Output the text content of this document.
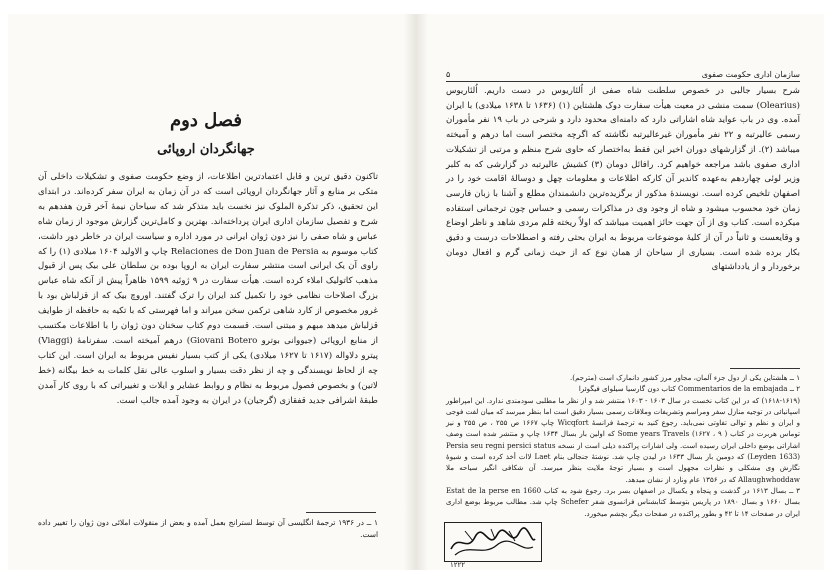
فصل دوم
جهانگردان اروپائی
تاکنون دقیق ترین و قابل اعتمادترین اطلاعات، از وضع حکومت صفوی و تشکیلات داخلی آن متکی بر منابع و آثار جهانگردان اروپائی است که در آن زمان به ایران سفر کرده‌اند. در ابتدای این تحقیق، ذکر تذکرة الملوک نیز نخست باید متذکر شد که سیاحان نیمهٔ آخر قرن هفدهم به شرح و تفصیل سازمان اداری ایران پرداخته‌اند. بهترین و کامل‌ترین گزارش موجود از زمان شاه عباس و شاه صفی را نیز دون ژوان ایرانی در مورد اداره و سیاست ایران در خاطر دور داشت، کتاب موسوم به Relaciones de Don Juan de Persia چاپ و الاولید ۱۶۰۴ میلادی (۱) را که راوی آن یک ایرانی است منتشر سفارت ایران به اروپا بوده بن سلطان علی بیک پس از قبول مذهب کاتولیک املاء کرده است. هیأت سفارت در ۹ ژوئیه ۱۵۹۹ ظاهراً پیش از آنکه شاه عباس بزرگ اصلاحات نظامی خود را تکمیل کند ایران را ترک گفتند. اوروچ بیک که از قزلباش بود با غرور مخصوص از کارد شاهی ترکمن سخن میراند و اما فهرستی که با تکیه به حافظه از طوایف قزلباش میدهد مبهم و مبتنی است. قسمت دوم کتاب سخنان دون ژوان را با اطلاعات مکتسب از منابع اروپائی (جیووانی بوترو Giovani Botero) درهم آمیخته است. سفرنامهٔ (Viaggi) پیترو دلاواله (۱۶۱۷ تا ۱۶۲۷ میلادی) یکی از کتب بسیار نفیس مربوط به ایران است. این کتاب چه از لحاظ نویسندگی و چه از نظر دقت بسیار و اسلوب عالی نقل کلمات به خط بیگانه (خط لاتین) و بخصوص فصول مربوط به نظام و روابط عشایر و ایلات و تغییراتی که با روی کار آمدن طبقهٔ اشرافی جدید قفقازی (گرجیان) در ایران به وجود آمده جالب است.
۱ ــ در ۱۹۳۶ ترجمهٔ انگلیسی آن توسط لسترانج بعمل آمده و بعض از منقولات املائی دون ژوان را تغییر داده است.
۵	سازمان اداری حکومت صفوی
شرح بسیار جالبی در خصوص سلطنت شاه صفی از اُلئاریوس در دست داریم. اُلئاریوس (Olearius) سمت منشی در معیت هیأت سفارت دوک هلشتاین (۱) (۱۶۳۶ تا ۱۶۳۸ میلادی) با ایران آمده. وی در باب عواید شاه اشاراتی دارد که دامنه‌ای محدود دارد و شرحی در باب ۱۹ نفر مأموران رسمی عالیرتبه و ۲۲ نفر مأموران غیرعالیرتبه نگاشته که اگرچه مختصر است اما درهم و آمیخته میباشد (۲). از گزارشهای دوران اخیر این فقط به‌اختصار که حاوی شرح منظم و مرتبی از تشکیلات اداری صفوی باشد مراجعه خواهیم کرد. رافائل دومان (۳) کشیش عالیرتبه در گزارشی که به کلبر وزیر لوئی چهاردهم به‌عهده کاندیر آن کارکه اطلاعات و معلومات چهل و دوسالهٔ اقامت خود را در اصفهان تلخیص کرده است. نویسندهٔ مذکور از برگزیده‌ترین دانشمندان مطلع و آشنا با زبان فارسی زمان خود محسوب میشود و شاه از وجود وی در مذاکرات رسمی و حساس چون ترجمانی استفاده میکرده است. کتاب وی از آن جهت حائز اهمیت میباشد که اولاً ریخته قلم مردی شاهد و ناظر اوضاع و وقایعست و ثانیاً در آن از کلیهٔ موضوعات مربوط به ایران بحثی رفته و اصطلاحات درست و دقیق بکار برده شده است. بسیاری از سیاحان از همان نوع که از حیث زمانی گرم و افعال دومان برخوردار و از یادداشتهای
۱ ــ هلشتاین یکی از دول جزء آلمان، مجاور مرز کشور دانمارک است (مترجم).
۲ ــ Commentarios de la embajada کتاب دون گارسیا سیلوای فیگوئرا
(۱۶۱۸-۱۶۱۹) که در این کتاب نخست در سال ۱۶۰۳ - ۱۶۰۳ منتشر شد و از نظر ما مطلبی سودمندی ندارد. این امپراطور اسپانیائی در توجیه منازل سفر ومراسم وتشریفات وملاقات رسمی بسیار دقیق است اما بنظر میرسد که میان لفت فوجی و ایران و نظم و توالی تفاوتی نمی‌باید. رجوع کنید به ترجمهٔ فرانسهٔ Wicqfort چاپ ۱۶۶۷ ص ۲۵۵ ، ص ۲۵۵ و نیز توماس هربرت در کتاب Some years Travels (۱۶۲۷ ، ۹ ) كه اولین بار بسال ۱۶۳۴ چاپ و منتشر شده است وصف اشاراتی بوضع داخلی ایران رسیده است. ولی اشارات پراکنده ذیلی است از نسخه Persia seu regni persici status (Leyden 1633) که دومین بار بسال ۱۶۳۳ در لیدن چاپ شد. نوشتهٔ جنجالی بنام Laet لاات أخذ کرده است و شیوهٔ نگارش وی مشکلی و نظرات مجهول است و بسیار توجهٔ ملایت بنظر میرسد. آن شکافی انگیز سیاحه ملا Allaughwhoddaw که در ۱۳۵۶ عام ونازد از نشان میدهد.
۳ ــ بسال ۱۶۱۳ در گذشت و پنجاه و یکسال در اصفهان بسر برد. رجوع شود به کتاب Estat de la perse en 1660 بسال ۱۶۶۰ و بسال ۱۸۹۰ در پاریس بتوسط کتابشناس فرانسوی شفر Schefer چاپ شد. مطالب مربوط بوضع اداری ایران در صفحات ۱۴ تا ۴۲ و بطور پراکنده در صفحات دیگر بچشم میخورد.
۱۲۲۲
